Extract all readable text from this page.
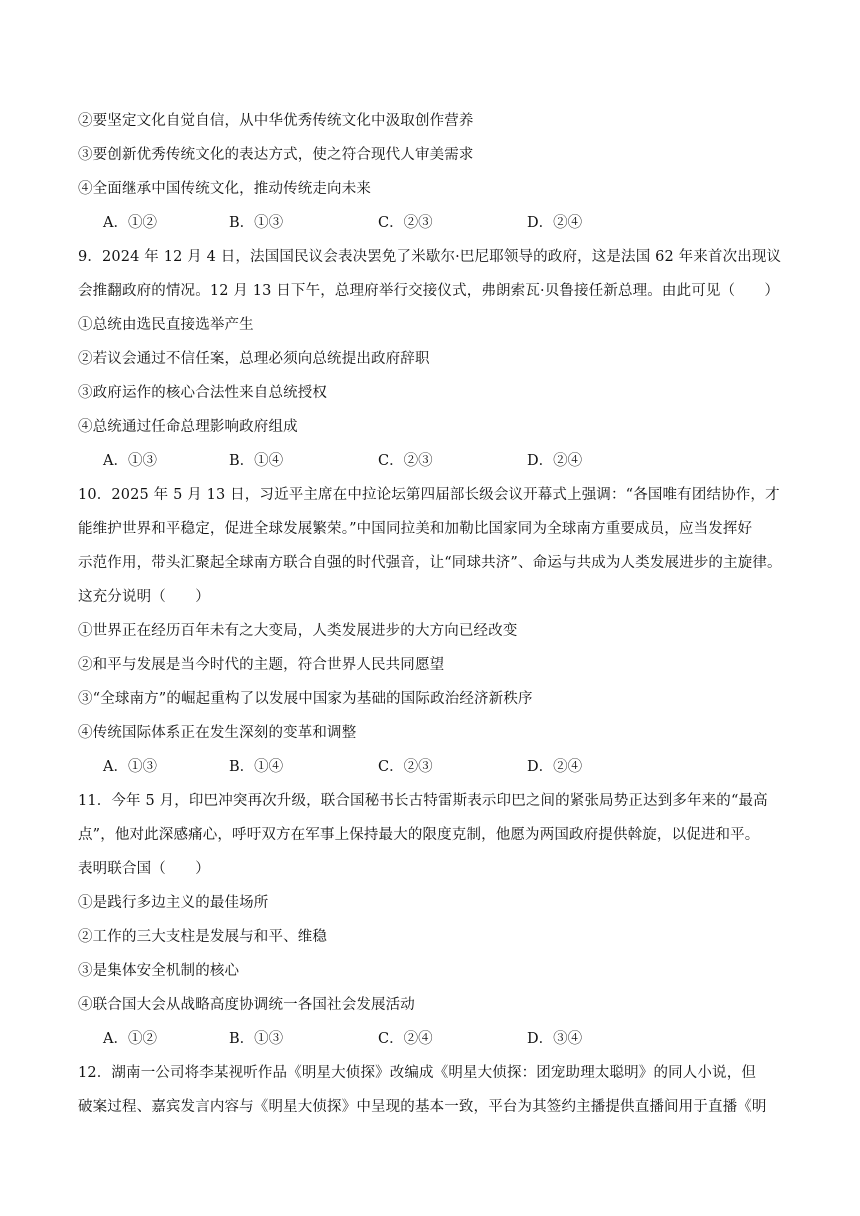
②要坚定文化自觉自信，从中华优秀传统文化中汲取创作营养
③要创新优秀传统文化的表达方式，使之符合现代人审美需求
④全面继承中国传统文化，推动传统走向未来
A．①②	B．①③	C．②③	D．②④
9．2024 年 12 月 4 日，法国国民议会表决罢免了米歇尔·巴尼耶领导的政府，这是法国 62 年来首次出现议
会推翻政府的情况。12 月 13 日下午，总理府举行交接仪式，弗朗索瓦·贝鲁接任新总理。由此可见（　　）
①总统由选民直接选举产生
②若议会通过不信任案，总理必须向总统提出政府辞职
③政府运作的核心合法性来自总统授权
④总统通过任命总理影响政府组成
A．①③	B．①④	C．②③	D．②④
10．2025 年 5 月 13 日，习近平主席在中拉论坛第四届部长级会议开幕式上强调：“各国唯有团结协作，才
能维护世界和平稳定，促进全球发展繁荣。”中国同拉美和加勒比国家同为全球南方重要成员，应当发挥好
示范作用，带头汇聚起全球南方联合自强的时代强音，让“同球共济”、命运与共成为人类发展进步的主旋律。
这充分说明（　　）
①世界正在经历百年未有之大变局，人类发展进步的大方向已经改变
②和平与发展是当今时代的主题，符合世界人民共同愿望
③“全球南方”的崛起重构了以发展中国家为基础的国际政治经济新秩序
④传统国际体系正在发生深刻的变革和调整
A．①③	B．①④	C．②③	D．②④
11．今年 5 月，印巴冲突再次升级，联合国秘书长古特雷斯表示印巴之间的紧张局势正达到多年来的“最高
点”，他对此深感痛心，呼吁双方在军事上保持最大的限度克制，他愿为两国政府提供斡旋，以促进和平。
表明联合国（　　）
①是践行多边主义的最佳场所
②工作的三大支柱是发展与和平、维稳
③是集体安全机制的核心
④联合国大会从战略高度协调统一各国社会发展活动
A．①②	B．①③	C．②④	D．③④
12．湖南一公司将李某视听作品《明星大侦探》改编成《明星大侦探：团宠助理太聪明》的同人小说，但
破案过程、嘉宾发言内容与《明星大侦探》中呈现的基本一致，平台为其签约主播提供直播间用于直播《明
